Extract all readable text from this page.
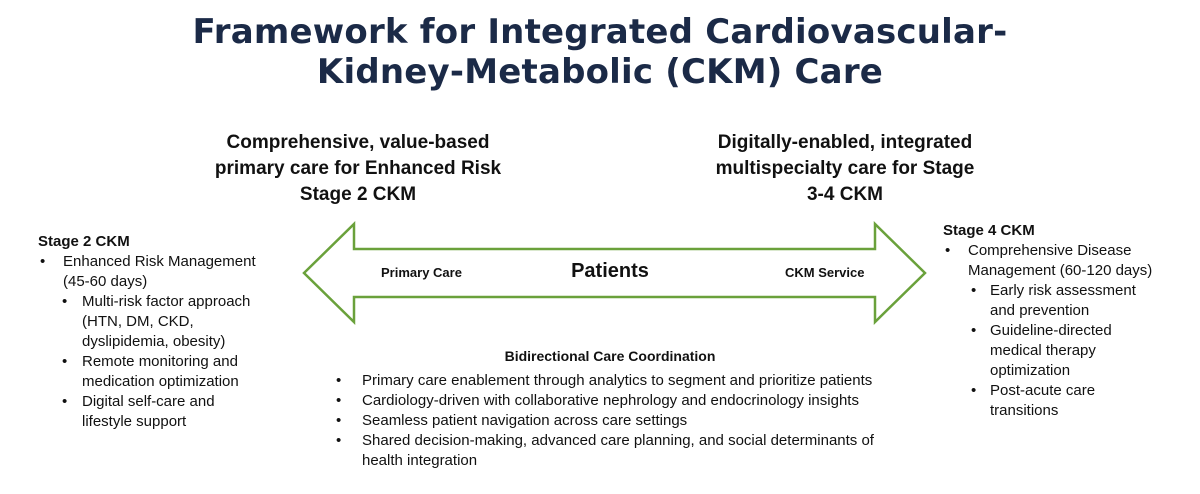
Framework for Integrated Cardiovascular-
Kidney-Metabolic (CKM) Care
Comprehensive, value-based
primary care for Enhanced Risk
Stage 2 CKM
Digitally-enabled, integrated
multispecialty care for Stage
3-4 CKM
Primary Care	Patients	CKM Service
Stage 2 CKM
• Enhanced Risk Management
(45-60 days)
• Multi-risk factor approach
(HTN, DM, CKD,
dyslipidemia, obesity)
• Remote monitoring and
medication optimization
• Digital self-care and
lifestyle support
Stage 4 CKM
• Comprehensive Disease
Management (60-120 days)
• Early risk assessment
and prevention
• Guideline-directed
medical therapy
optimization
• Post-acute care
transitions
Bidirectional Care Coordination
• Primary care enablement through analytics to segment and prioritize patients
• Cardiology-driven with collaborative nephrology and endocrinology insights
• Seamless patient navigation across care settings
• Shared decision-making, advanced care planning, and social determinants of health integration
